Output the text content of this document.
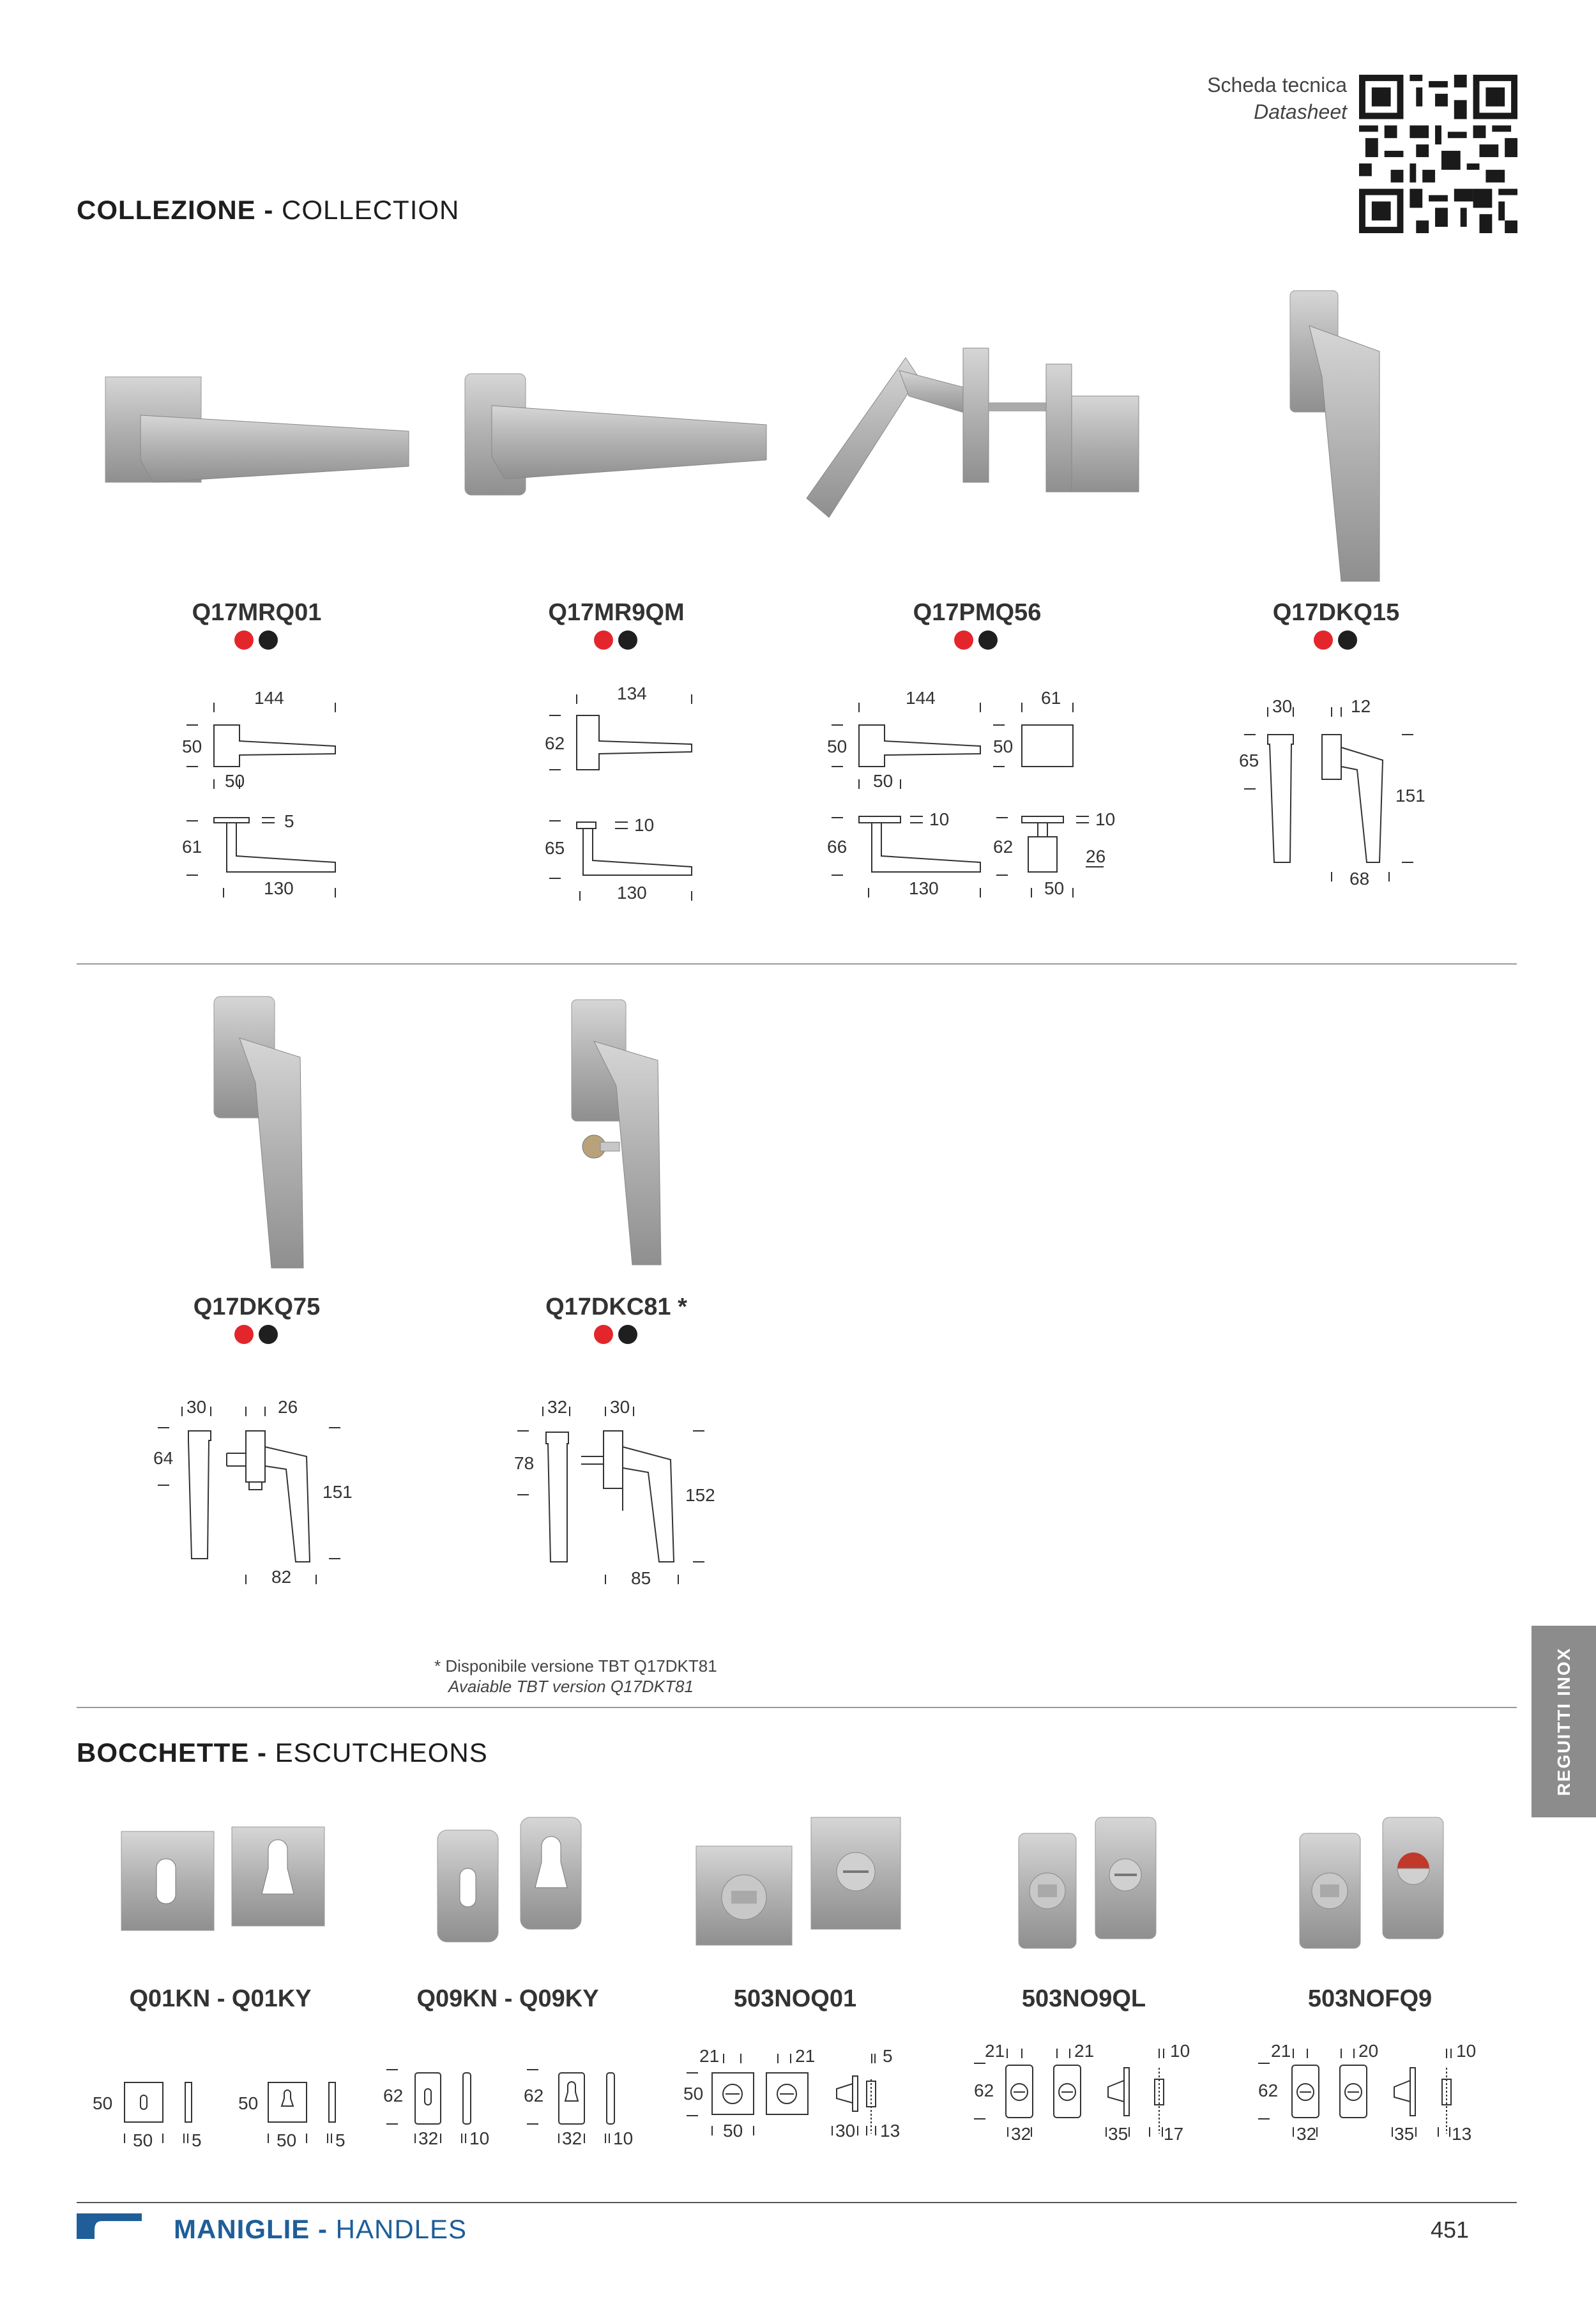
Scheda tecnica
Datasheet
COLLEZIONE - COLLECTION
Q17MRQ01	Q17MR9QM	Q17PMQ56	Q17DKQ15
144
50
50
61
5
130
134
62
65
10
130
144	61
50	50
50
66
10
130
62
10
26
50
30	12
65
151
68
Q17DKQ75	Q17DKC81 *
30	26
64
151
82
32 30
78
152
85
* Disponibile versione TBT Q17DKT81
Avaiable TBT version Q17DKT81
BOCCHETTE - ESCUTCHEONS
Q01KN - Q01KY	Q09KN - Q09KY	503NOQ01	503NO9QL	503NOFQ9
50
50 5
50
50 5
62
32 10
62
32 10
21	21	5
50
50	30 13
21	21	10
62
32	35 17
21	20	10
62
32	35 13
REGUITTI INOX
MANIGLIE - HANDLES	451
